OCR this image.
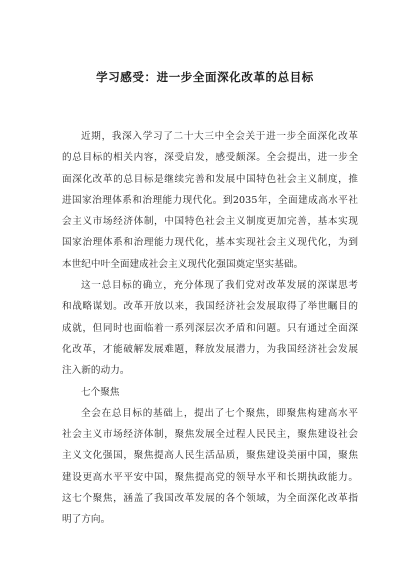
学习感受：进一步全面深化改革的总目标
近期，我深入学习了二十大三中全会关于进一步全面深化改革
的总目标的相关内容，深受启发，感受颇深。全会提出，进一步全
面深化改革的总目标是继续完善和发展中国特色社会主义制度，推
进国家治理体系和治理能力现代化。到2035年，全面建成高水平社
会主义市场经济体制，中国特色社会主义制度更加完善，基本实现
国家治理体系和治理能力现代化，基本实现社会主义现代化，为到
本世纪中叶全面建成社会主义现代化强国奠定坚实基础。
这一总目标的确立，充分体现了我们党对改革发展的深谋思考
和战略谋划。改革开放以来，我国经济社会发展取得了举世瞩目的
成就，但同时也面临着一系列深层次矛盾和问题。只有通过全面深
化改革，才能破解发展难题，释放发展潜力，为我国经济社会发展
注入新的动力。
七个聚焦
全会在总目标的基础上，提出了七个聚焦，即聚焦构建高水平
社会主义市场经济体制，聚焦发展全过程人民民主，聚焦建设社会
主义文化强国，聚焦提高人民生活品质，聚焦建设美丽中国，聚焦
建设更高水平平安中国，聚焦提高党的领导水平和长期执政能力。
这七个聚焦，涵盖了我国改革发展的各个领域，为全面深化改革指
明了方向。
